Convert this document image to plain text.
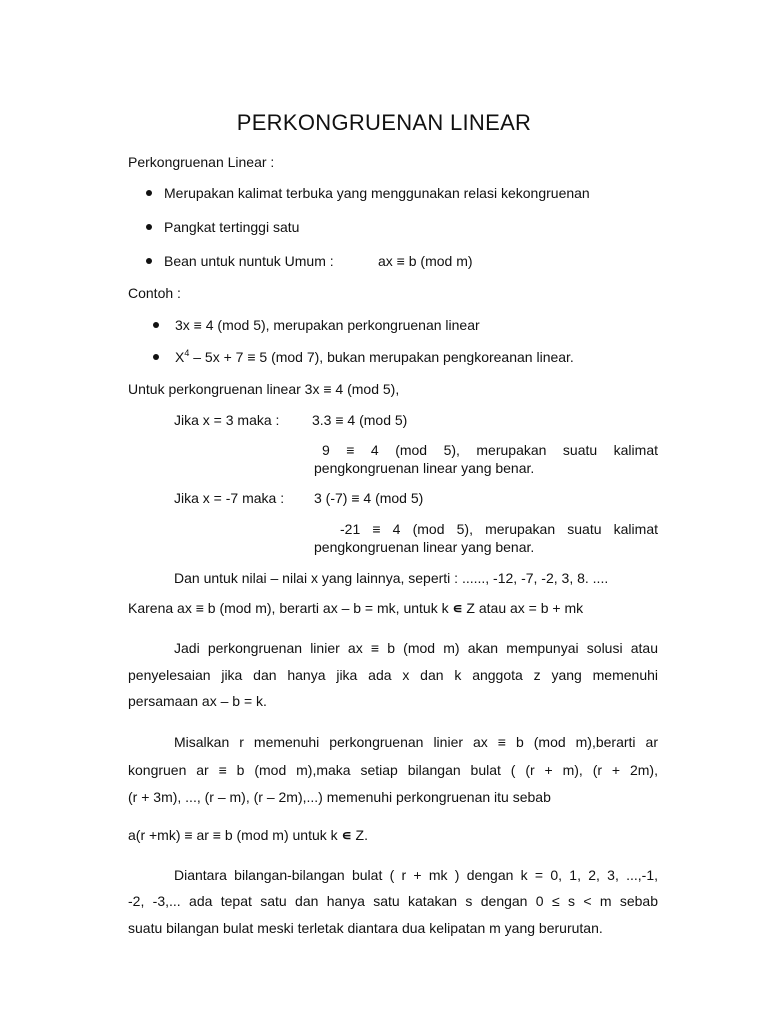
PERKONGRUENAN LINEAR
Perkongruenan Linear :
Merupakan kalimat terbuka yang menggunakan relasi kekongruenan
Pangkat tertinggi satu
Bean untuk nuntuk Umum :	ax ≡ b (mod m)
Contoh :
3x ≡ 4 (mod 5), merupakan perkongruenan linear
$X^4 - 5x + 7 \equiv 5$ (mod 7), bukan merupakan pengkoreanan linear.
Untuk perkongruenan linear 3x ≡ 4 (mod 5),
Jika x = 3 maka : 3.3 ≡ 4 (mod 5)
9 ≡ 4 (mod 5), merupakan suatu kalimat
pengkongruenan linear yang benar.
Jika x = -7 maka : 3 (-7) ≡ 4 (mod 5)
-21 ≡ 4 (mod 5), merupakan suatu kalimat
pengkongruenan linear yang benar.
Dan untuk nilai – nilai x yang lainnya, seperti : ......, -12, -7, -2, 3, 8. ....
Karena ax ≡ b (mod m), berarti ax – b = mk, untuk k ∊ Z atau ax = b + mk
Jadi perkongruenan linier ax ≡ b (mod m) akan mempunyai solusi atau
penyelesaian jika dan hanya jika ada x dan k anggota z yang memenuhi
persamaan ax – b = k.
Misalkan r memenuhi perkongruenan linier ax ≡ b (mod m),berarti ar
kongruen ar ≡ b (mod m),maka setiap bilangan bulat ( (r + m), (r + 2m),
(r + 3m), ..., (r – m), (r – 2m),...) memenuhi perkongruenan itu sebab
a(r +mk) ≡ ar ≡ b (mod m) untuk k ∊ Z.
Diantara bilangan-bilangan bulat ( r + mk ) dengan k = 0, 1, 2, 3, ...,-1,
-2, -3,... ada tepat satu dan hanya satu katakan s dengan 0 ≤ s < m sebab
suatu bilangan bulat meski terletak diantara dua kelipatan m yang berurutan.
